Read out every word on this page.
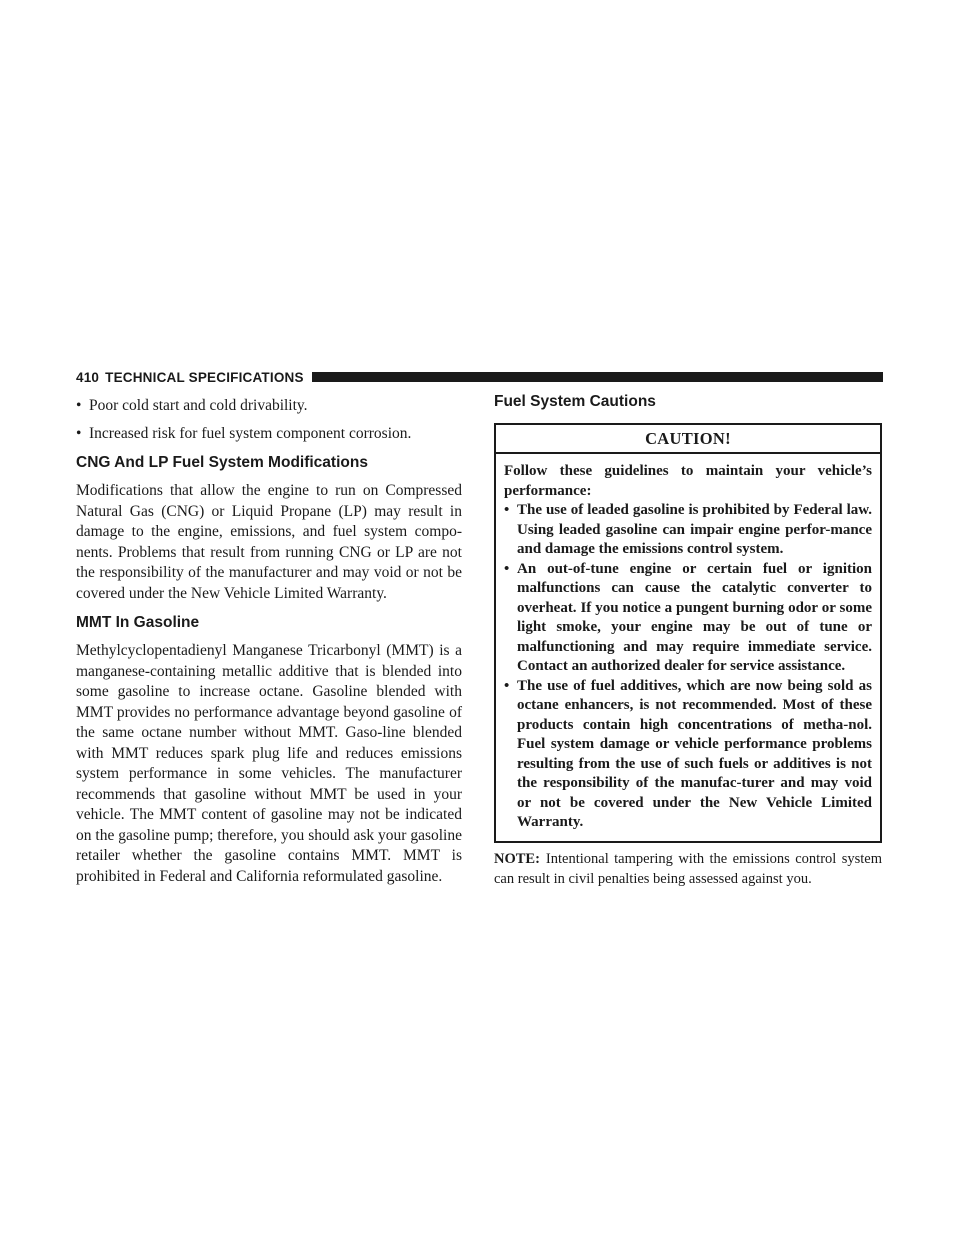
410 TECHNICAL SPECIFICATIONS
• Poor cold start and cold drivability.
• Increased risk for fuel system component corrosion.
CNG And LP Fuel System Modifications

Modifications that allow the engine to run on Compressed Natural Gas (CNG) or Liquid Propane (LP) may result in damage to the engine, emissions, and fuel system compo-nents. Problems that result from running CNG or LP are not the responsibility of the manufacturer and may void or not be covered under the New Vehicle Limited Warranty.

MMT In Gasoline

Methylcyclopentadienyl Manganese Tricarbonyl (MMT) is a manganese-containing metallic additive that is blended into some gasoline to increase octane. Gasoline blended with MMT provides no performance advantage beyond gasoline of the same octane number without MMT. Gaso-line blended with MMT reduces spark plug life and reduces emissions system performance in some vehicles. The manufacturer recommends that gasoline without MMT be used in your vehicle. The MMT content of gasoline may not be indicated on the gasoline pump; therefore, you should ask your gasoline retailer whether the gasoline contains MMT. MMT is prohibited in Federal and California reformulated gasoline.

Fuel System Cautions
CAUTION!
Follow these guidelines to maintain your vehicle’s performance:
• The use of leaded gasoline is prohibited by Federal law. Using leaded gasoline can impair engine perfor-mance and damage the emissions control system.
• An out-of-tune engine or certain fuel or ignition malfunctions can cause the catalytic converter to overheat. If you notice a pungent burning odor or some light smoke, your engine may be out of tune or malfunctioning and may require immediate service. Contact an authorized dealer for service assistance.
• The use of fuel additives, which are now being sold as octane enhancers, is not recommended. Most of these products contain high concentrations of metha-nol. Fuel system damage or vehicle performance problems resulting from the use of such fuels or additives is not the responsibility of the manufac-turer and may void or not be covered under the New Vehicle Limited Warranty.
NOTE: Intentional tampering with the emissions control system can result in civil penalties being assessed against you.
